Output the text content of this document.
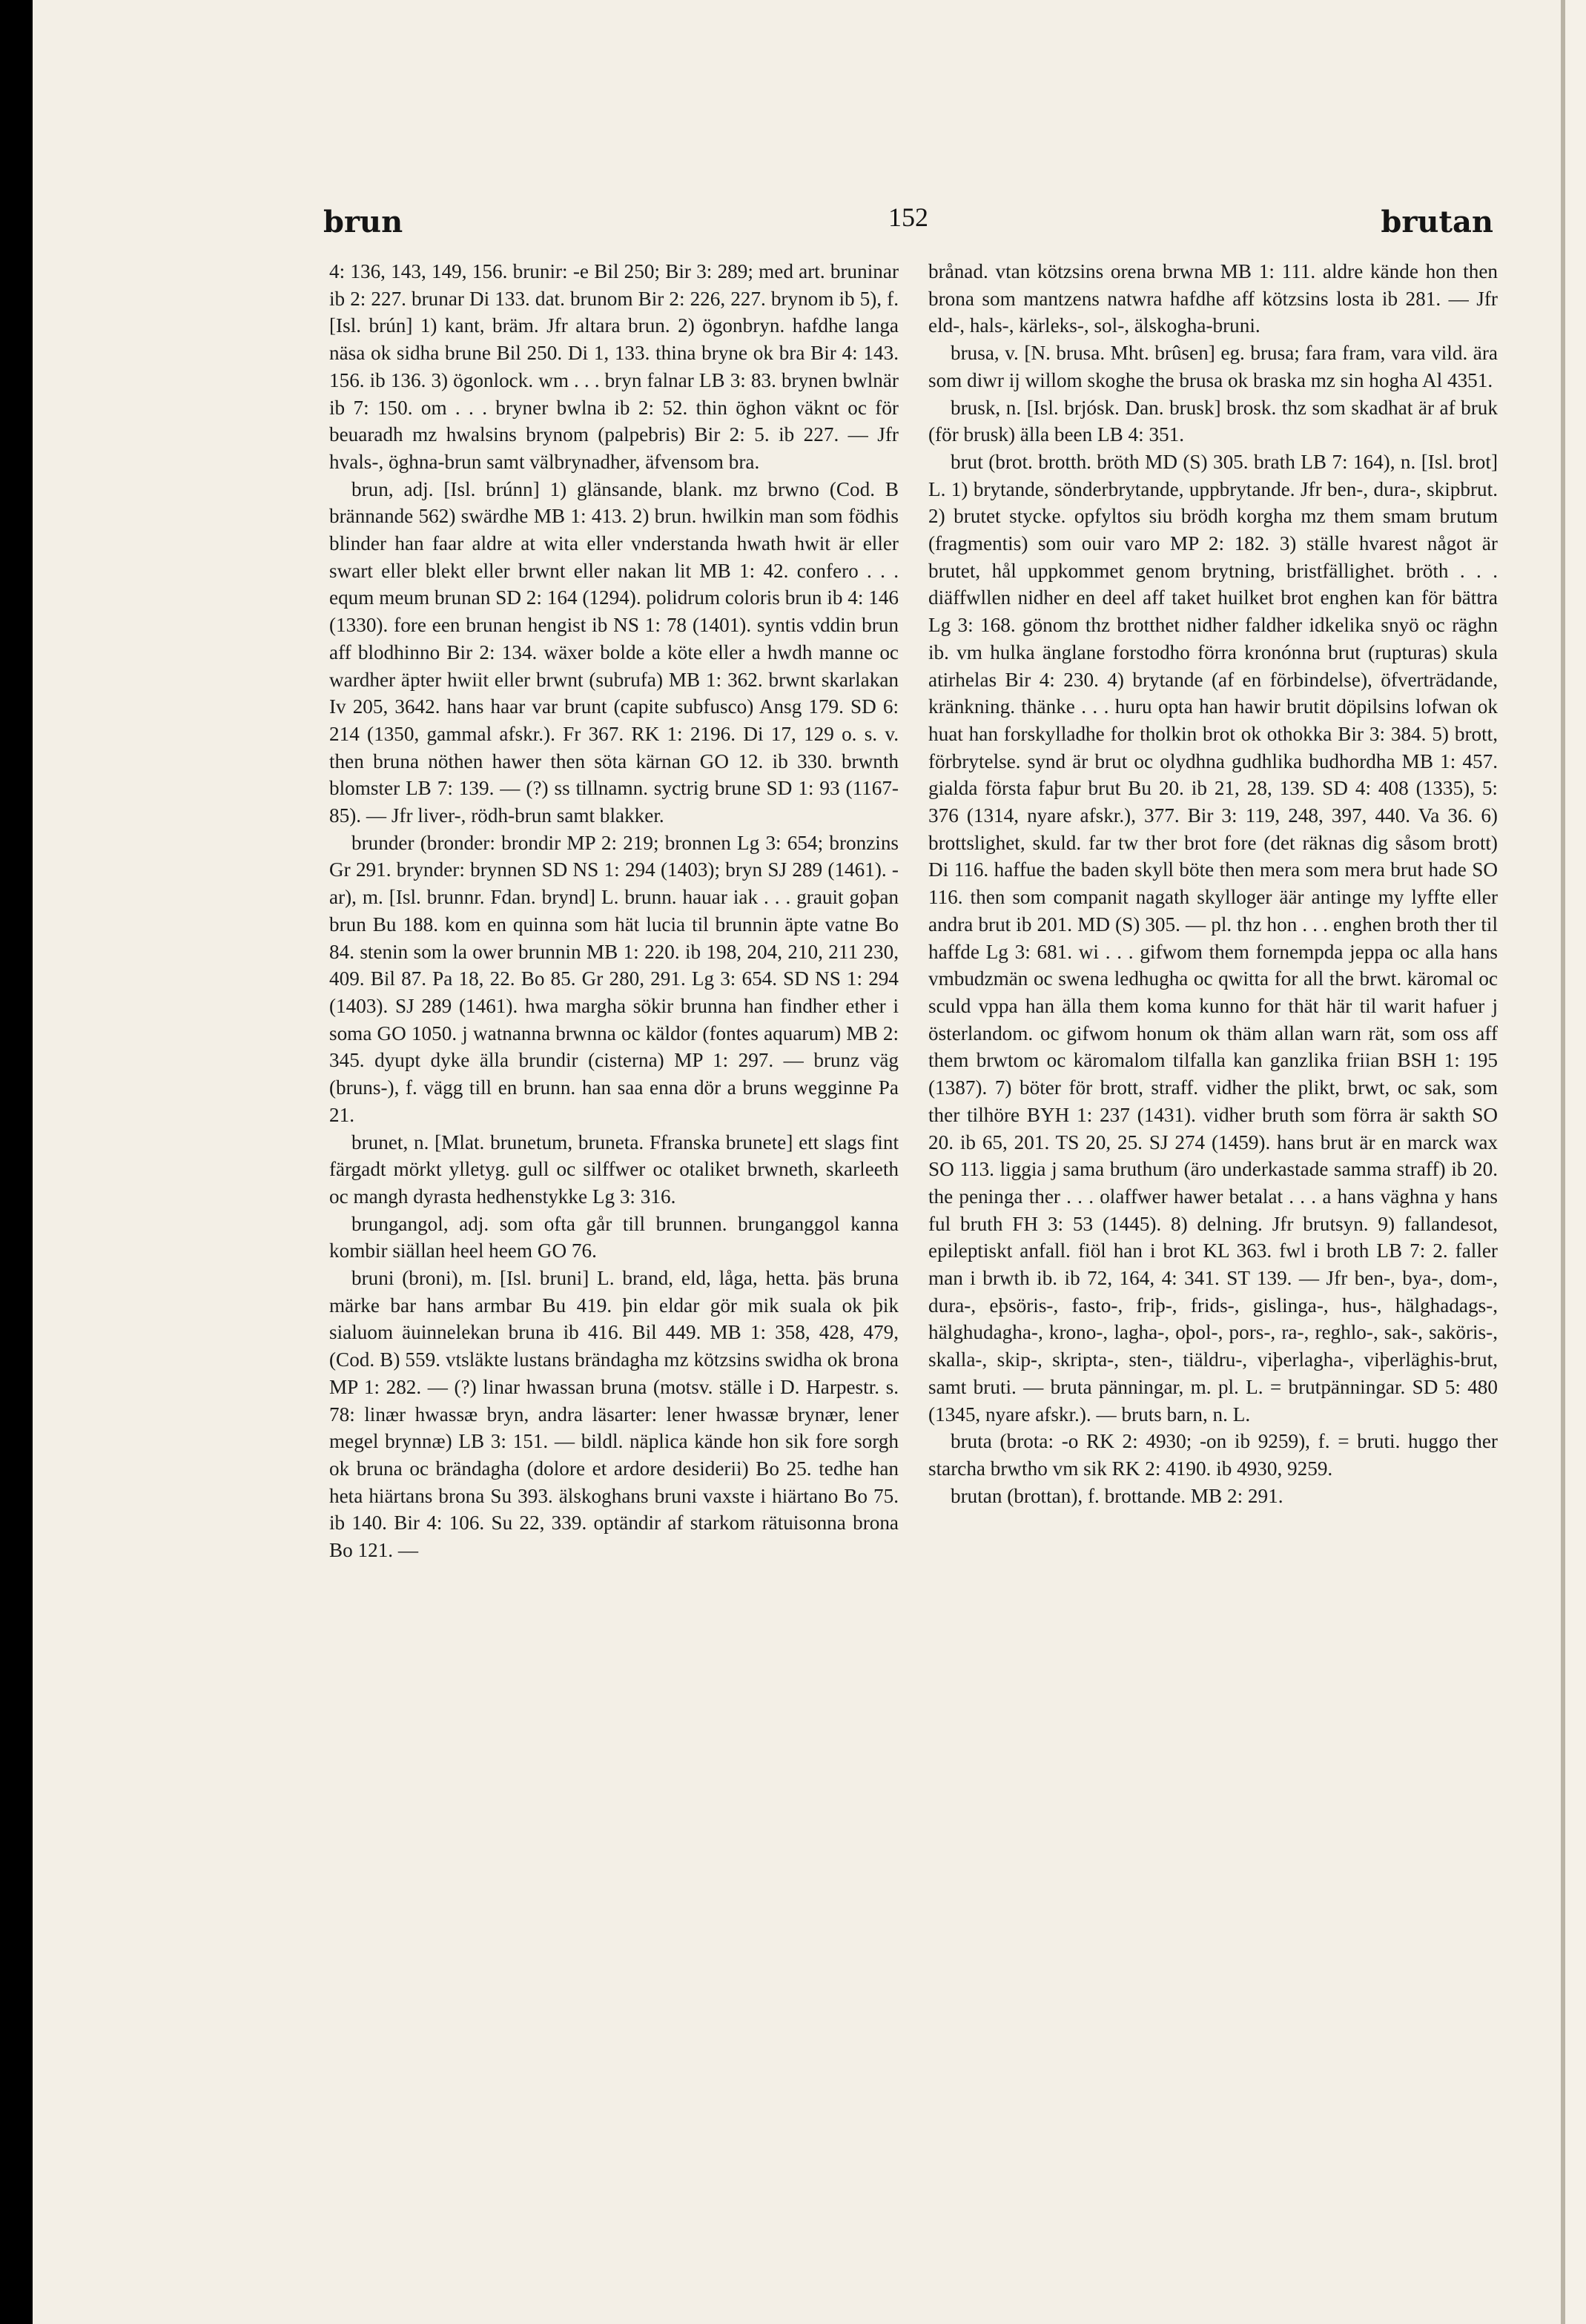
brun	152	brutan

4: 136, 143, 149, 156. brunir: -e Bil 250; Bir 3: 289; med art. bruninar ib 2: 227. brunar Di 133. dat. brunom Bir 2: 226, 227. brynom ib 5), f. [Isl. brún] 1) kant, bräm. Jfr altara brun. 2) ögonbryn. hafdhe langa näsa ok sidha brune Bil 250. Di 1, 133. thina bryne ok bra Bir 4: 143. 156. ib 136. 3) ögonlock. wm . . . bryn falnar LB 3: 83. brynen bwlnär ib 7: 150. om . . . bryner bwlna ib 2: 52. thin öghon väknt oc för beuaradh mz hwalsins brynom (palpebris) Bir 2: 5. ib 227. — Jfr hvals-, öghna-brun samt välbrynadher, äfvensom bra.

brun, adj. [Isl. brúnn] 1) glänsande, blank. mz brwno (Cod. B brännande 562) swärdhe MB 1: 413. 2) brun. hwilkin man som födhis blinder han faar aldre at wita eller vnderstanda hwath hwit är eller swart eller blekt eller brwnt eller nakan lit MB 1: 42. confero . . . equm meum brunan SD 2: 164 (1294). polidrum coloris brun ib 4: 146 (1330). fore een brunan hengist ib NS 1: 78 (1401). syntis vddin brun aff blodhinno Bir 2: 134. wäxer bolde a köte eller a hwdh manne oc wardher äpter hwiit eller brwnt (subrufa) MB 1: 362. brwnt skarlakan Iv 205, 3642. hans haar var brunt (capite subfusco) Ansg 179. SD 6: 214 (1350, gammal afskr.). Fr 367. RK 1: 2196. Di 17, 129 o. s. v. then bruna nöthen hawer then söta kärnan GO 12. ib 330. brwnth blomster LB 7: 139. — (?) ss tillnamn. syctrig brune SD 1: 93 (1167-85). — Jfr liver-, rödh-brun samt blakker.

brunder (bronder: brondir MP 2: 219; bronnen Lg 3: 654; bronzins Gr 291. brynder: brynnen SD NS 1: 294 (1403); bryn SJ 289 (1461). -ar), m. [Isl. brunnr. Fdan. brynd] L. brunn. hauar iak . . . grauit goþan brun Bu 188. kom en quinna som hät lucia til brunnin äpte vatne Bo 84. stenin som la ower brunnin MB 1: 220. ib 198, 204, 210, 211 230, 409. Bil 87. Pa 18, 22. Bo 85. Gr 280, 291. Lg 3: 654. SD NS 1: 294 (1403). SJ 289 (1461). hwa margha sökir brunna han findher ether i soma GO 1050. j watnanna brwnna oc käldor (fontes aquarum) MB 2: 345. dyupt dyke älla brundir (cisterna) MP 1: 297. — brunz väg (bruns-), f. vägg till en brunn. han saa enna dör a bruns wegginne Pa 21.

brunet, n. [Mlat. brunetum, bruneta. Ffranska brunete] ett slags fint färgadt mörkt ylletyg. gull oc silffwer oc otaliket brwneth, skarleeth oc mangh dyrasta hedhenstykke Lg 3: 316.

brungangol, adj. som ofta går till brunnen. brunganggol kanna kombir siällan heel heem GO 76.

bruni (broni), m. [Isl. bruni] L. brand, eld, låga, hetta. þäs bruna märke bar hans armbar Bu 419. þin eldar gör mik suala ok þik sialuom äuinnelekan bruna ib 416. Bil 449. MB 1: 358, 428, 479, (Cod. B) 559. vtsläkte lustans brändagha mz kötzsins swidha ok brona MP 1: 282. — (?) linar hwassan bruna (motsv. ställe i D. Harpestr. s. 78: linær hwassæ bryn, andra läsarter: lener hwassæ brynær, lener megel brynnæ) LB 3: 151. — bildl. näplica kände hon sik fore sorgh ok bruna oc brändagha (dolore et ardore desiderii) Bo 25. tedhe han heta hiärtans brona Su 393. älskoghans bruni vaxste i hiärtano Bo 75. ib 140. Bir 4: 106. Su 22, 339. optändir af starkom rätuisonna brona Bo 121. —

brånad. vtan kötzsins orena brwna MB 1: 111. aldre kände hon then brona som mantzens natwra hafdhe aff kötzsins losta ib 281. — Jfr eld-, hals-, kärleks-, sol-, älskogha-bruni.

brusa, v. [N. brusa. Mht. brûsen] eg. brusa; fara fram, vara vild. ära som diwr ij willom skoghe the brusa ok braska mz sin hogha Al 4351.

brusk, n. [Isl. brjósk. Dan. brusk] brosk. thz som skadhat är af bruk (för brusk) älla been LB 4: 351.

brut (brot. brotth. bröth MD (S) 305. brath LB 7: 164), n. [Isl. brot] L. 1) brytande, sönderbrytande, uppbrytande. Jfr ben-, dura-, skipbrut. 2) brutet stycke. opfyltos siu brödh korgha mz them smam brutum (fragmentis) som ouir varo MP 2: 182. 3) ställe hvarest något är brutet, hål uppkommet genom brytning, bristfällighet. bröth . . . diäffwllen nidher en deel aff taket huilket brot enghen kan för bättra Lg 3: 168. gönom thz brotthet nidher faldher idkelika snyö oc räghn ib. vm hulka änglane forstodho förra kronónna brut (rupturas) skula atirhelas Bir 4: 230. 4) brytande (af en förbindelse), öfverträdande, kränkning. thänke . . . huru opta han hawir brutit döpilsins lofwan ok huat han forskylladhe for tholkin brot ok othokka Bir 3: 384. 5) brott, förbrytelse. synd är brut oc olydhna gudhlika budhordha MB 1: 457. gialda första faþur brut Bu 20. ib 21, 28, 139. SD 4: 408 (1335), 5: 376 (1314, nyare afskr.), 377. Bir 3: 119, 248, 397, 440. Va 36. 6) brottslighet, skuld. far tw ther brot fore (det räknas dig såsom brott) Di 116. haffue the baden skyll böte then mera som mera brut hade SO 116. then som companit nagath skylloger äär antinge my lyffte eller andra brut ib 201. MD (S) 305. — pl. thz hon . . . enghen broth ther til haffde Lg 3: 681. wi . . . gifwom them fornempda jeppa oc alla hans vmbudzmän oc swena ledhugha oc qwitta for all the brwt. käromal oc sculd vppa han älla them koma kunno for thät här til warit hafuer j österlandom. oc gifwom honum ok thäm allan warn rät, som oss aff them brwtom oc käromalom tilfalla kan ganzlika friian BSH 1: 195 (1387). 7) böter för brott, straff. vidher the plikt, brwt, oc sak, som ther tilhöre BYH 1: 237 (1431). vidher bruth som förra är sakth SO 20. ib 65, 201. TS 20, 25. SJ 274 (1459). hans brut är en marck wax SO 113. liggia j sama bruthum (äro underkastade samma straff) ib 20. the peninga ther . . . olaffwer hawer betalat . . . a hans väghna y hans ful bruth FH 3: 53 (1445). 8) delning. Jfr brutsyn. 9) fallandesot, epileptiskt anfall. fiöl han i brot KL 363. fwl i broth LB 7: 2. faller man i brwth ib. ib 72, 164, 4: 341. ST 139. — Jfr ben-, bya-, dom-, dura-, eþsöris-, fasto-, friþ-, frids-, gislinga-, hus-, hälghadags-, hälghudagha-, krono-, lagha-, oþol-, pors-, ra-, reghlo-, sak-, saköris-, skalla-, skip-, skripta-, sten-, tiäldru-, viþerlagha-, viþerläghis-brut, samt bruti. — bruta pänningar, m. pl. L. = brutpänningar. SD 5: 480 (1345, nyare afskr.). — bruts barn, n. L.

bruta (brota: -o RK 2: 4930; -on ib 9259), f. = bruti. huggo ther starcha brwtho vm sik RK 2: 4190. ib 4930, 9259.

brutan (brottan), f. brottande. MB 2: 291.
